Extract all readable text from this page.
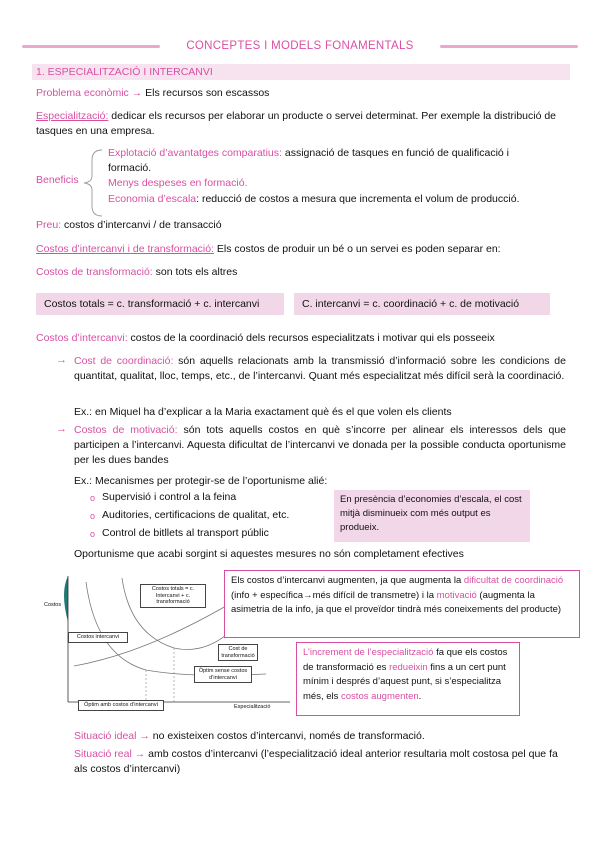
CONCEPTES I MODELS FONAMENTALS
1. ESPECIALITZACIÓ I INTERCANVI
Problema econòmic → Els recursos son escassos
Especialització: dedicar els recursos per elaborar un producte o servei determinat. Per exemple la distribució de tasques en una empresa.
Beneficis
Explotació d’avantatges comparatius: assignació de tasques en funció de qualificació i formació.
Menys despeses en formació.
Economia d’escala: reducció de costos a mesura que incrementa el volum de producció.
Preu: costos d’intercanvi / de transacció
Costos d’intercanvi i de transformació: Els costos de produir un bé o un servei es poden separar en:
Costos de transformació: son tots els altres
Costos totals = c. transformació + c. intercanvi	C. intercanvi = c. coordinació + c. de motivació
Costos d’intercanvi: costos de la coordinació dels recursos especialitzats i motivar qui els posseeix
→ Cost de coordinació: són aquells relacionats amb la transmissió d’informació sobre les condicions de quantitat, qualitat, lloc, temps, etc., de l’intercanvi. Quant més especialitzat més difícil serà la coordinació.
Ex.: en Miquel ha d’explicar a la Maria exactament què és el que volen els clients
→ Costos de motivació: són tots aquells costos en què s’incorre per alinear els interessos dels que participen a l’intercanvi. Aquesta dificultat de l’intercanvi ve donada per la possible conducta oportunisme per les dues bandes
Ex.: Mecanismes per protegir-se de l’oportunisme alié:
o Supervisió i control a la feina
o Auditories, certificacions de qualitat, etc.
o Control de bitllets al transport públic
En presència d’economies d’escala, el cost mitjà disminueix com més output es produeix.
Oportunisme que acabi sorgint si aquestes mesures no són completament efectives
Costos
Costos totals = c. Intercanvi + c. transformació
Costos intercanvi
Cost de transformació
Òptim sense costos d’intercanvi
Òptim amb costos d’intercanvi	Especialització
Els costos d’intercanvi augmenten, ja que augmenta la dificultat de coordinació (info + específica→més difícil de transmetre) i la motivació (augmenta la asimetria de la info, ja que el proveïdor tindrà més coneixements del producte)
L’increment de l’especialització fa que els costos de transformació es redueixin fins a un cert punt mínim i després d’aquest punt, si s’especialitza més, els costos augmenten.
Situació ideal → no existeixen costos d’intercanvi, només de transformació.
Situació real → amb costos d’intercanvi (l’especialització ideal anterior resultaria molt costosa pel que fa als costos d’intercanvi)
